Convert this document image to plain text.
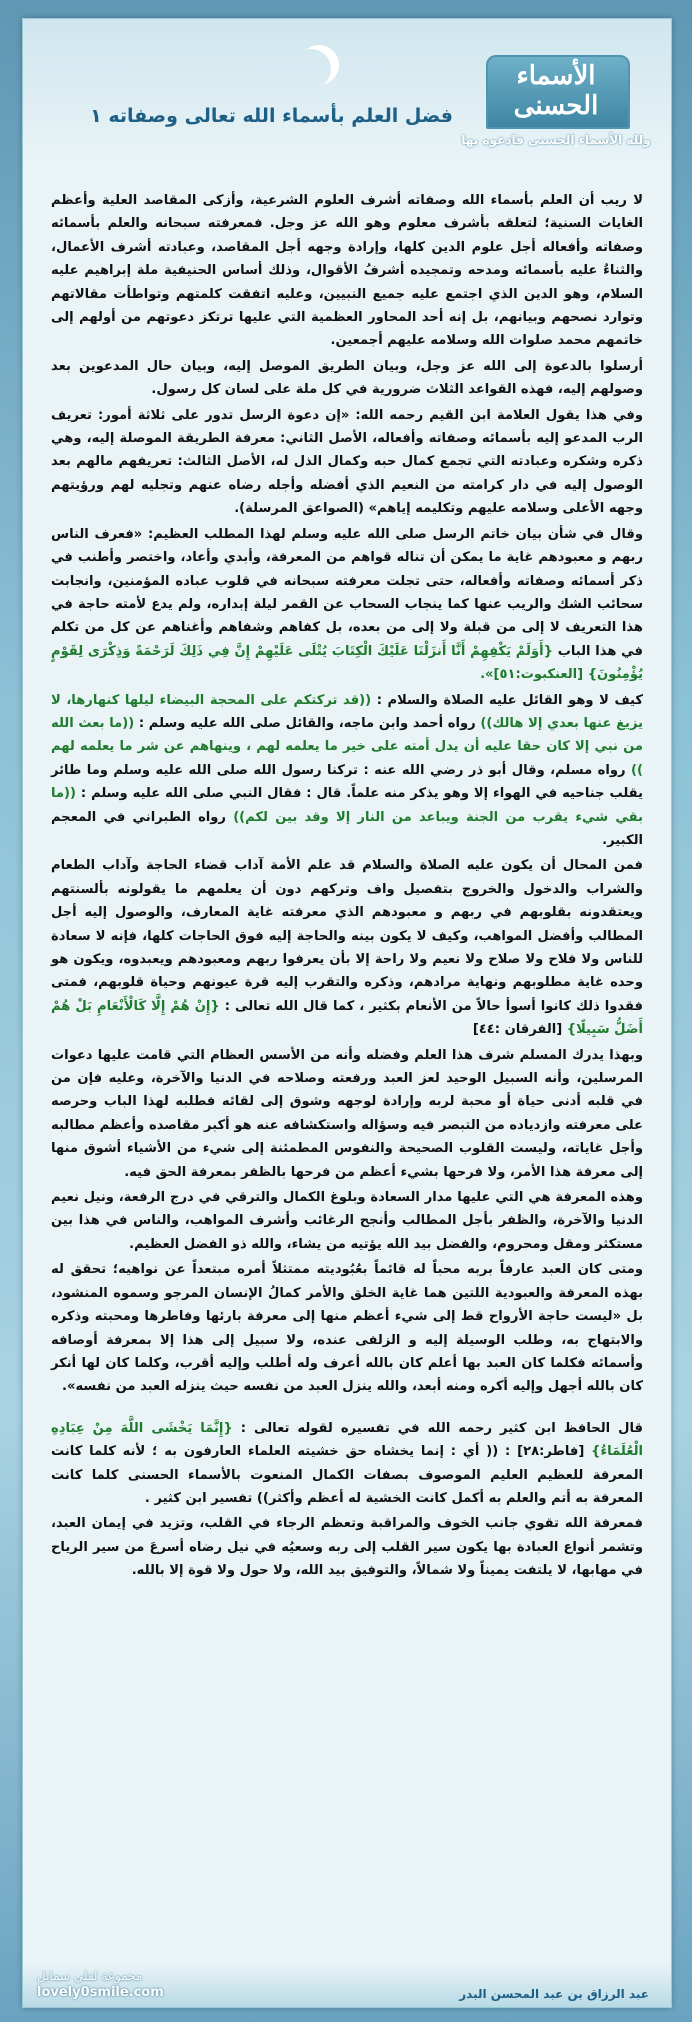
فضل العلم بأسماء الله تعالى وصفاته ١
الأسماء الحسنى
ولله الأسماء الحسنى فادعوه بها

لا ريب أن العلم بأسماء الله وصفاته أشرف العلوم الشرعية، وأزكى المقاصد العلية وأعظم الغايات السنية؛ لتعلقه بأشرف معلوم وهو الله عز وجل. فمعرفته سبحانه والعلم بأسمائه وصفاته وأفعاله أجل علوم الدين كلها، وإرادة وجهه أجل المقاصد، وعبادته أشرف الأعمال، والثناءُ عليه بأسمائه ومدحه وتمجيده أشرفُ الأقوال، وذلك أساس الحنيفية ملة إبراهيم عليه السلام، وهو الدين الذي اجتمع عليه جميع النبيين، وعليه اتفقت كلمتهم وتواطأت مقالاتهم وتوارد نصحهم وبيانهم، بل إنه أحد المحاور العظمية التي عليها ترتكز دعوتهم من أولهم إلى خاتمهم محمد صلوات الله وسلامه عليهم أجمعين.

أرسلوا بالدعوة إلى الله عز وجل، وبيان الطريق الموصل إليه، وبيان حال المدعوين بعد وصولهم إليه، فهذه القواعد الثلاث ضرورية في كل ملة على لسان كل رسول.

وفي هذا يقول العلامة ابن القيم رحمه الله: «إن دعوة الرسل تدور على ثلاثة أمور: تعريف الرب المدعو إليه بأسمائه وصفاته وأفعاله، الأصل الثاني: معرفة الطريقة الموصلة إليه، وهي ذكره وشكره وعبادته التي تجمع كمال حبه وكمال الذل له، الأصل الثالث: تعريفهم مالهم بعد الوصول إليه في دار كرامته من النعيم الذي أفضله وأجله رضاه عنهم وتجليه لهم ورؤيتهم وجهه الأعلى وسلامه عليهم وتكليمه إياهم» (الصواعق المرسلة).

وقال في شأن بيان خاتم الرسل صلى الله عليه وسلم لهذا المطلب العظيم: «فعرف الناس ربهم و معبودهم غاية ما يمكن أن تناله قواهم من المعرفة، وأبدي وأعاد، واختصر وأطنب في ذكر أسمائه وصفاته وأفعاله، حتى تجلت معرفته سبحانه في قلوب عباده المؤمنين، وانجابت سحائب الشك والريب عنها كما ينجاب السحاب عن القمر ليلة إبداره، ولم يدع لأمته حاجة في هذا التعريف لا إلى من قبلة ولا إلى من بعده، بل كفاهم وشفاهم وأغناهم عن كل من تكلم في هذا الباب {أَوَلَمْ يَكْفِهِمْ أَنَّا أَنزَلْنَا عَلَيْكَ الْكِتَابَ يُتْلَى عَلَيْهِمْ إِنَّ فِي ذَلِكَ لَرَحْمَةً وَذِكْرَى لِقَوْمٍ يُؤْمِنُونَ} [العنكبوت:٥١]».

كيف لا وهو القائل عليه الصلاة والسلام : ((قد تركتكم على المحجة البيضاء ليلها كنهارها، لا يزيغ عنها بعدي إلا هالك)) رواه أحمد وابن ماجه، والقائل صلى الله عليه وسلم : ((ما بعث الله من نبي إلا كان حقا عليه أن يدل أمته على خير ما يعلمه لهم ، وينهاهم عن شر ما يعلمه لهم )) رواه مسلم، وقال أبو ذر رضي الله عنه : تركنا رسول الله صلى الله عليه وسلم وما طائر يقلب جناحيه في الهواء إلا وهو يذكر منه علماً. قال : فقال النبي صلى الله عليه وسلم : ((ما بقي شيء يقرب من الجنة ويباعد من النار إلا وقد بين لكم)) رواه الطبراني في المعجم الكبير.

فمن المحال أن يكون عليه الصلاة والسلام قد علم الأمة آداب قضاء الحاجة وآداب الطعام والشراب والدخول والخروج بتفصيل واف وتركهم دون أن يعلمهم ما يقولونه بألسنتهم ويعتقدونه بقلوبهم في ربهم و معبودهم الذي معرفته غاية المعارف، والوصول إليه أجل المطالب وأفضل المواهب، وكيف لا يكون بينه والحاجة إليه فوق الحاجات كلها، فإنه لا سعادة للناس ولا فلاح ولا صلاح ولا نعيم ولا راحة إلا بأن يعرفوا ربهم ومعبودهم ويعبدوه، ويكون هو وحده غاية مطلوبهم ونهاية مرادهم، وذكره والتقرب إليه قرة عيونهم وحياة قلوبهم، فمتى فقدوا ذلك كانوا أسوأ حالاً من الأنعام بكثير ، كما قال الله تعالى : {إِنْ هُمْ إِلَّا كَالْأَنْعَامِ بَلْ هُمْ أَضَلُّ سَبِيلًا} [الفرقان :٤٤]

وبهذا يدرك المسلم شرف هذا العلم وفضله وأنه من الأسس العظام التي قامت عليها دعوات المرسلين، وأنه السبيل الوحيد لعز العبد ورفعته وصلاحه في الدنيا والآخرة، وعليه فإن من في قلبه أدنى حياة أو محبة لربه وإرادة لوجهه وشوق إلى لقائه فطلبه لهذا الباب وحرصه على معرفته وازدياده من التبصر فيه وسؤاله واستكشافه عنه هو أكبر مقاصده وأعظم مطالبه وأجل غاياته، وليست القلوب الصحيحة والنفوس المطمئنة إلى شيء من الأشياء أشوق منها إلى معرفة هذا الأمر، ولا فرحها بشيء أعظم من فرحها بالظفر بمعرفة الحق فيه.

وهذه المعرفة هي التي عليها مدار السعادة وبلوغ الكمال والترقي في درج الرفعة، ونيل نعيم الدنيا والآخرة، والظفر بأجل المطالب وأنجح الرغائب وأشرف المواهب، والناس في هذا بين مستكثر ومقل ومحروم، والفضل بيد الله يؤتيه من يشاء، والله ذو الفضل العظيم.

ومتى كان العبد عارفاً بربه محباً له قائماً بعُبُوديته ممتثلاً أمره مبتعداً عن نواهيه؛ تحقق له بهذه المعرفة والعبودية اللتين هما غاية الخلق والأمر كمالُ الإنسان المرجو وسموه المنشود، بل «ليست حاجة الأرواح قط إلى شيء أعظم منها إلى معرفة بارئها وفاطرها ومحبته وذكره والابتهاج به، وطلب الوسيلة إليه و الزلفى عنده، ولا سبيل إلى هذا إلا بمعرفة أوصافه وأسمائه فكلما كان العبد بها أعلم كان بالله أعرف وله أطلب وإليه أقرب، وكلما كان لها أنكر كان بالله أجهل وإليه أكره ومنه أبعد، والله ينزل العبد من نفسه حيث ينزله العبد من نفسه».

قال الحافظ ابن كثير رحمه الله في تفسيره لقوله تعالى : {إِنَّمَا يَخْشَى اللَّهَ مِنْ عِبَادِهِ الْعُلَمَاءُ} [فاطر:٢٨] : (( أي : إنما يخشاه حق خشيته العلماء العارفون به ؛ لأنه كلما كانت المعرفة للعظيم العليم الموصوف بصفات الكمال المنعوت بالأسماء الحسنى كلما كانت المعرفة به أتم والعلم به أكمل كانت الخشية له أعظم وأكثر)) تفسير ابن كثير .

فمعرفة الله تقوي جانب الخوف والمراقبة وتعظم الرجاء في القلب، وتزيد في إيمان العبد، وتشمر أنواع العبادة بها يكون سير القلب إلى ربه وسعيُه في نيل رضاه أسرعَ من سير الرياح في مهابها، لا يلتفت يميناً ولا شمالاً، والتوفيق بيد الله، ولا حول ولا قوة إلا بالله.

عبد الرزاق بن عبد المحسن البدر
مجموعة لفلي سمايل
lovely0smile.com
